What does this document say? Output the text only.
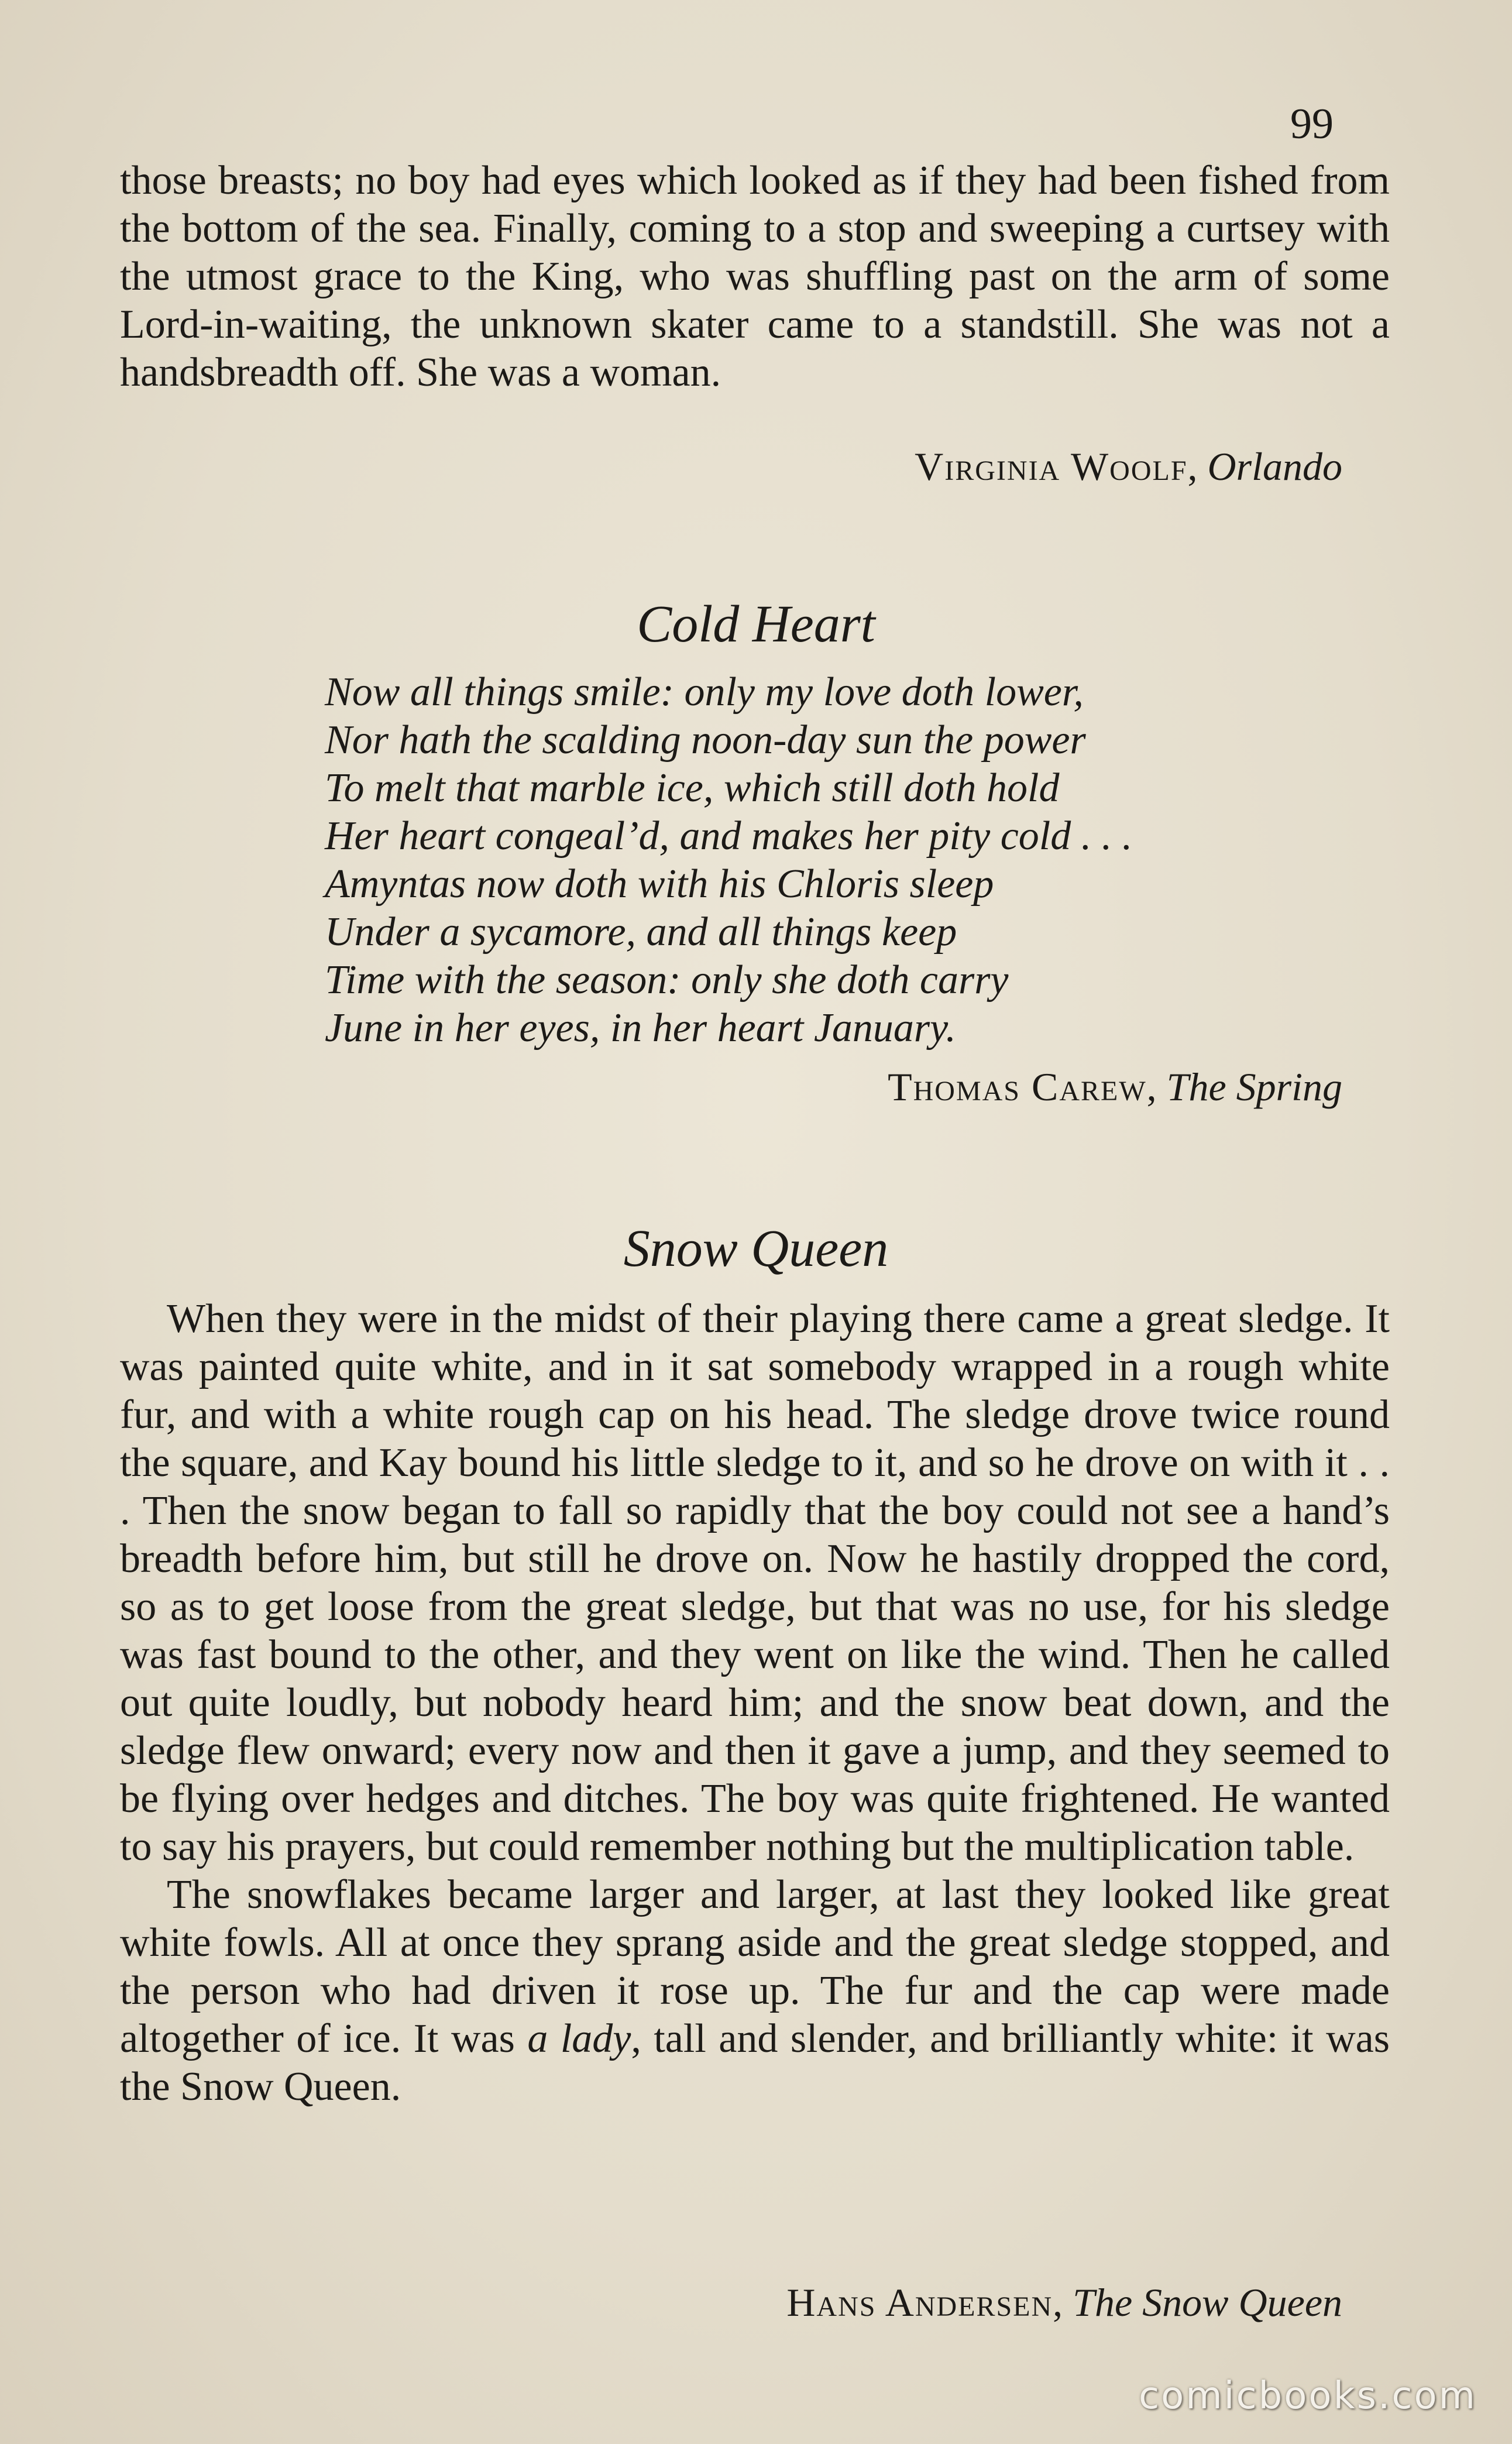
99

those breasts; no boy had eyes which looked as if they had been fished from the bottom of the sea. Finally, coming to a stop and sweeping a curtsey with the utmost grace to the King, who was shuffling past on the arm of some Lord-in-waiting, the unknown skater came to a standstill. She was not a handsbreadth off. She was a woman.

Virginia Woolf, Orlando
Cold Heart
Now all things smile: only my love doth lower,
Nor hath the scalding noon-day sun the power
To melt that marble ice, which still doth hold
Her heart congeal’d, and makes her pity cold . . .
Amyntas now doth with his Chloris sleep
Under a sycamore, and all things keep
Time with the season: only she doth carry
June in her eyes, in her heart January.
Thomas Carew, The Spring
Snow Queen

When they were in the midst of their playing there came a great sledge. It was painted quite white, and in it sat somebody wrapped in a rough white fur, and with a white rough cap on his head. The sledge drove twice round the square, and Kay bound his little sledge to it, and so he drove on with it . . . Then the snow began to fall so rapidly that the boy could not see a hand’s breadth before him, but still he drove on. Now he hastily dropped the cord, so as to get loose from the great sledge, but that was no use, for his sledge was fast bound to the other, and they went on like the wind. Then he called out quite loudly, but nobody heard him; and the snow beat down, and the sledge flew onward; every now and then it gave a jump, and they seemed to be flying over hedges and ditches. The boy was quite frightened. He wanted to say his prayers, but could remember nothing but the multiplication table.

The snowflakes became larger and larger, at last they looked like great white fowls. All at once they sprang aside and the great sledge stopped, and the person who had driven it rose up. The fur and the cap were made altogether of ice. It was a lady, tall and slender, and brilliantly white: it was the Snow Queen.

Hans Andersen, The Snow Queen
comicbooks.com
